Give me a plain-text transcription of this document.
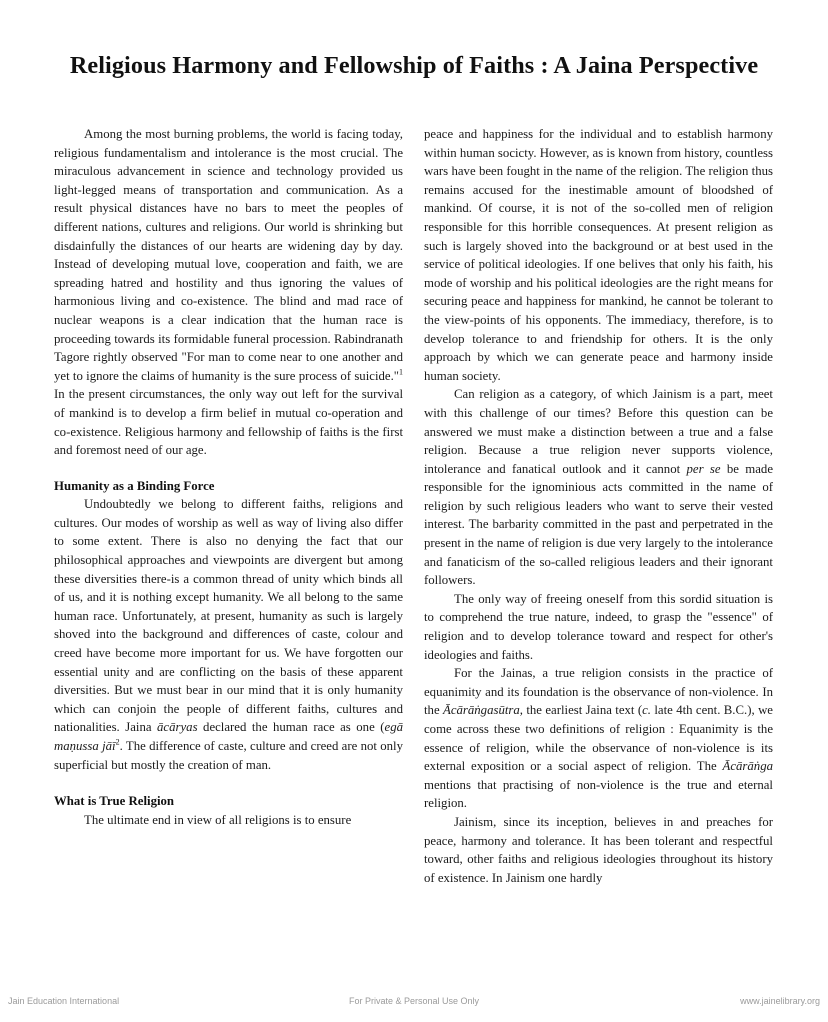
Religious Harmony and Fellowship of Faiths : A Jaina Perspective

Among the most burning problems, the world is facing today, religious fundamentalism and intolerance is the most crucial. The miraculous advancement in science and technology provided us light-legged means of transportation and communication. As a result physical distances have no bars to meet the peoples of different nations, cultures and religions. Our world is shrinking but disdainfully the distances of our hearts are widening day by day. Instead of developing mutual love, cooperation and faith, we are spreading hatred and hostility and thus ignoring the values of harmonious living and co-existence. The blind and mad race of nuclear weapons is a clear indication that the human race is proceeding towards its formidable funeral procession. Rabindranath Tagore rightly observed "For man to come near to one another and yet to ignore the claims of humanity is the sure process of suicide."$^1$ In the present circumstances, the only way out left for the survival of mankind is to develop a firm belief in mutual co-operation and co-existence. Religious harmony and fellowship of faiths is the first and foremost need of our age.

Humanity as a Binding Force

Undoubtedly we belong to different faiths, religions and cultures. Our modes of worship as well as way of living also differ to some extent. There is also no denying the fact that our philosophical approaches and viewpoints are divergent but among these diversities there-is a common thread of unity which binds all of us, and it is nothing except humanity. We all belong to the same human race. Unfortunately, at present, humanity as such is largely shoved into the background and differences of caste, colour and creed have become more important for us. We have forgotten our essential unity and are conflicting on the basis of these apparent diversities. But we must bear in our mind that it is only humanity which can conjoin the people of different faiths, cultures and nationalities. Jaina ācāryas declared the human race as one (egā maṇussa jāī$^2$. The difference of caste, culture and creed are not only superficial but mostly the creation of man.

What is True Religion

The ultimate end in view of all religions is to ensure

peace and happiness for the individual and to establish harmony within human socicty. However, as is known from history, countless wars have been fought in the name of the religion. The religion thus remains accused for the inestimable amount of bloodshed of mankind. Of course, it is not of the so-colled men of religion responsible for this horrible consequences. At present religion as such is largely shoved into the background or at best used in the service of political ideologies. If one belives that only his faith, his mode of worship and his political ideologies are the right means for securing peace and happiness for mankind, he cannot be tolerant to the view-points of his opponents. The immediacy, therefore, is to develop tolerance to and friendship for others. It is the only approach by which we can generate peace and harmony inside human society.

Can religion as a category, of which Jainism is a part, meet with this challenge of our times? Before this question can be answered we must make a distinction between a true and a false religion. Because a true religion never supports violence, intolerance and fanatical outlook and it cannot per se be made responsible for the ignominious acts committed in the name of religion by such religious leaders who want to serve their vested interest. The barbarity committed in the past and perpetrated in the present in the name of religion is due very largely to the intolerance and fanaticism of the so-called religious leaders and their ignorant followers.

The only way of freeing oneself from this sordid situation is to comprehend the true nature, indeed, to grasp the "essence" of religion and to develop tolerance toward and respect for other's ideologies and faiths.

For the Jainas, a true religion consists in the practice of equanimity and its foundation is the observance of non-violence. In the Ācārāṅgasūtra, the earliest Jaina text (c. late 4th cent. B.C.), we come across these two definitions of religion : Equanimity is the essence of religion, while the observance of non-violence is its external exposition or a social aspect of religion. The Ācārāṅga mentions that practising of non-violence is the true and eternal religion.

Jainism, since its inception, believes in and preaches for peace, harmony and tolerance. It has been tolerant and respectful toward, other faiths and religious ideologies throughout its history of existence. In Jainism one hardly

Jain Education International	For Private & Personal Use Only	www.jainelibrary.org
